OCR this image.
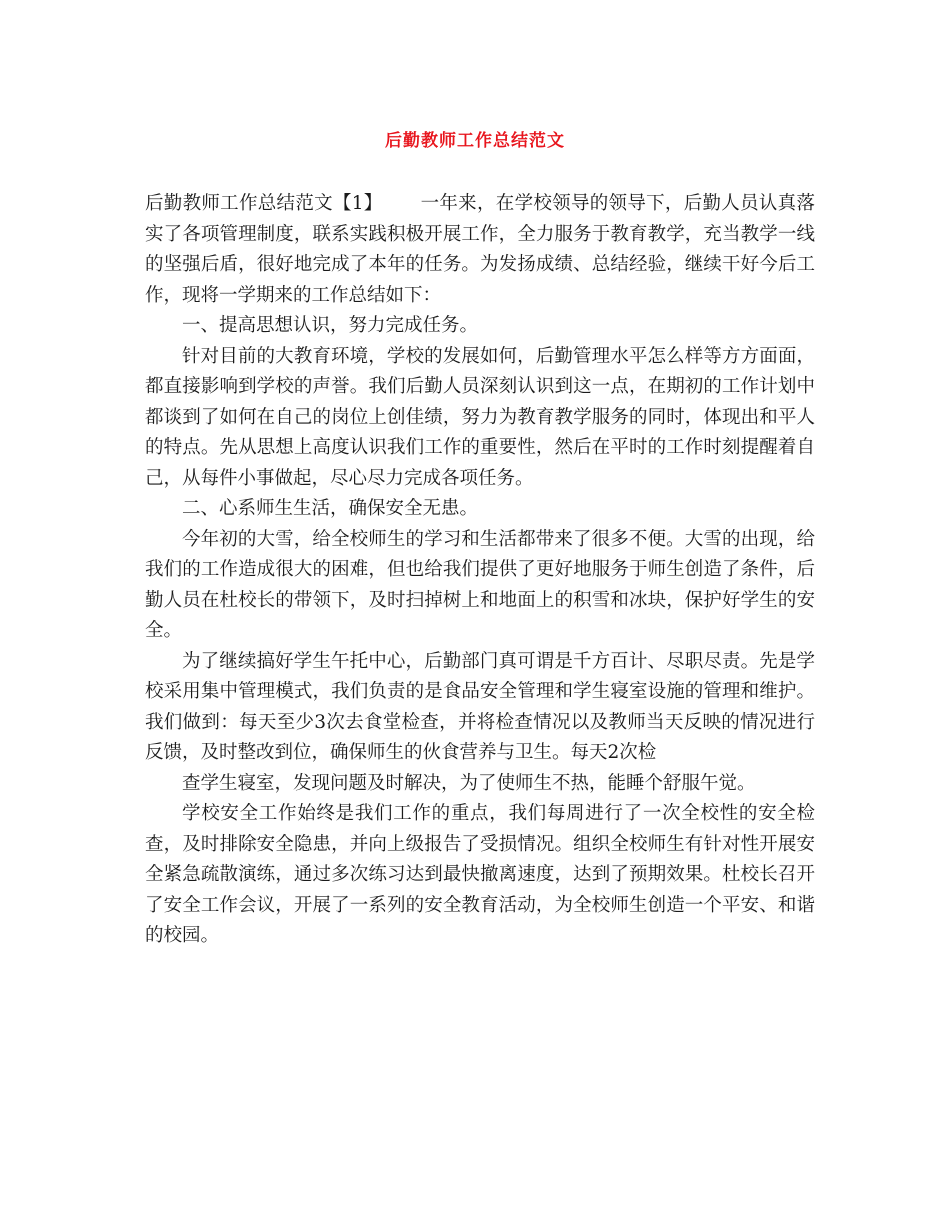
后勤教师工作总结范文

后勤教师工作总结范文【1】 一年来，在学校领导的领导下，后勤人员认真落实了各项管理制度，联系实践积极开展工作，全力服务于教育教学，充当教学一线的坚强后盾，很好地完成了本年的任务。为发扬成绩、总结经验，继续干好今后工作，现将一学期来的工作总结如下：

一、提高思想认识，努力完成任务。

针对目前的大教育环境，学校的发展如何，后勤管理水平怎么样等方方面面，都直接影响到学校的声誉。我们后勤人员深刻认识到这一点，在期初的工作计划中都谈到了如何在自己的岗位上创佳绩，努力为教育教学服务的同时，体现出和平人的特点。先从思想上高度认识我们工作的重要性，然后在平时的工作时刻提醒着自己，从每件小事做起，尽心尽力完成各项任务。

二、心系师生生活，确保安全无患。

今年初的大雪，给全校师生的学习和生活都带来了很多不便。大雪的出现，给我们的工作造成很大的困难，但也给我们提供了更好地服务于师生创造了条件，后勤人员在杜校长的带领下，及时扫掉树上和地面上的积雪和冰块，保护好学生的安全。

为了继续搞好学生午托中心，后勤部门真可谓是千方百计、尽职尽责。先是学校采用集中管理模式，我们负责的是食品安全管理和学生寝室设施的管理和维护。我们做到：每天至少3次去食堂检查，并将检查情况以及教师当天反映的情况进行反馈，及时整改到位，确保师生的伙食营养与卫生。每天2次检

查学生寝室，发现问题及时解决，为了使师生不热，能睡个舒服午觉。

学校安全工作始终是我们工作的重点，我们每周进行了一次全校性的安全检查，及时排除安全隐患，并向上级报告了受损情况。组织全校师生有针对性开展安全紧急疏散演练，通过多次练习达到最快撤离速度，达到了预期效果。杜校长召开了安全工作会议，开展了一系列的安全教育活动，为全校师生创造一个平安、和谐的校园。
